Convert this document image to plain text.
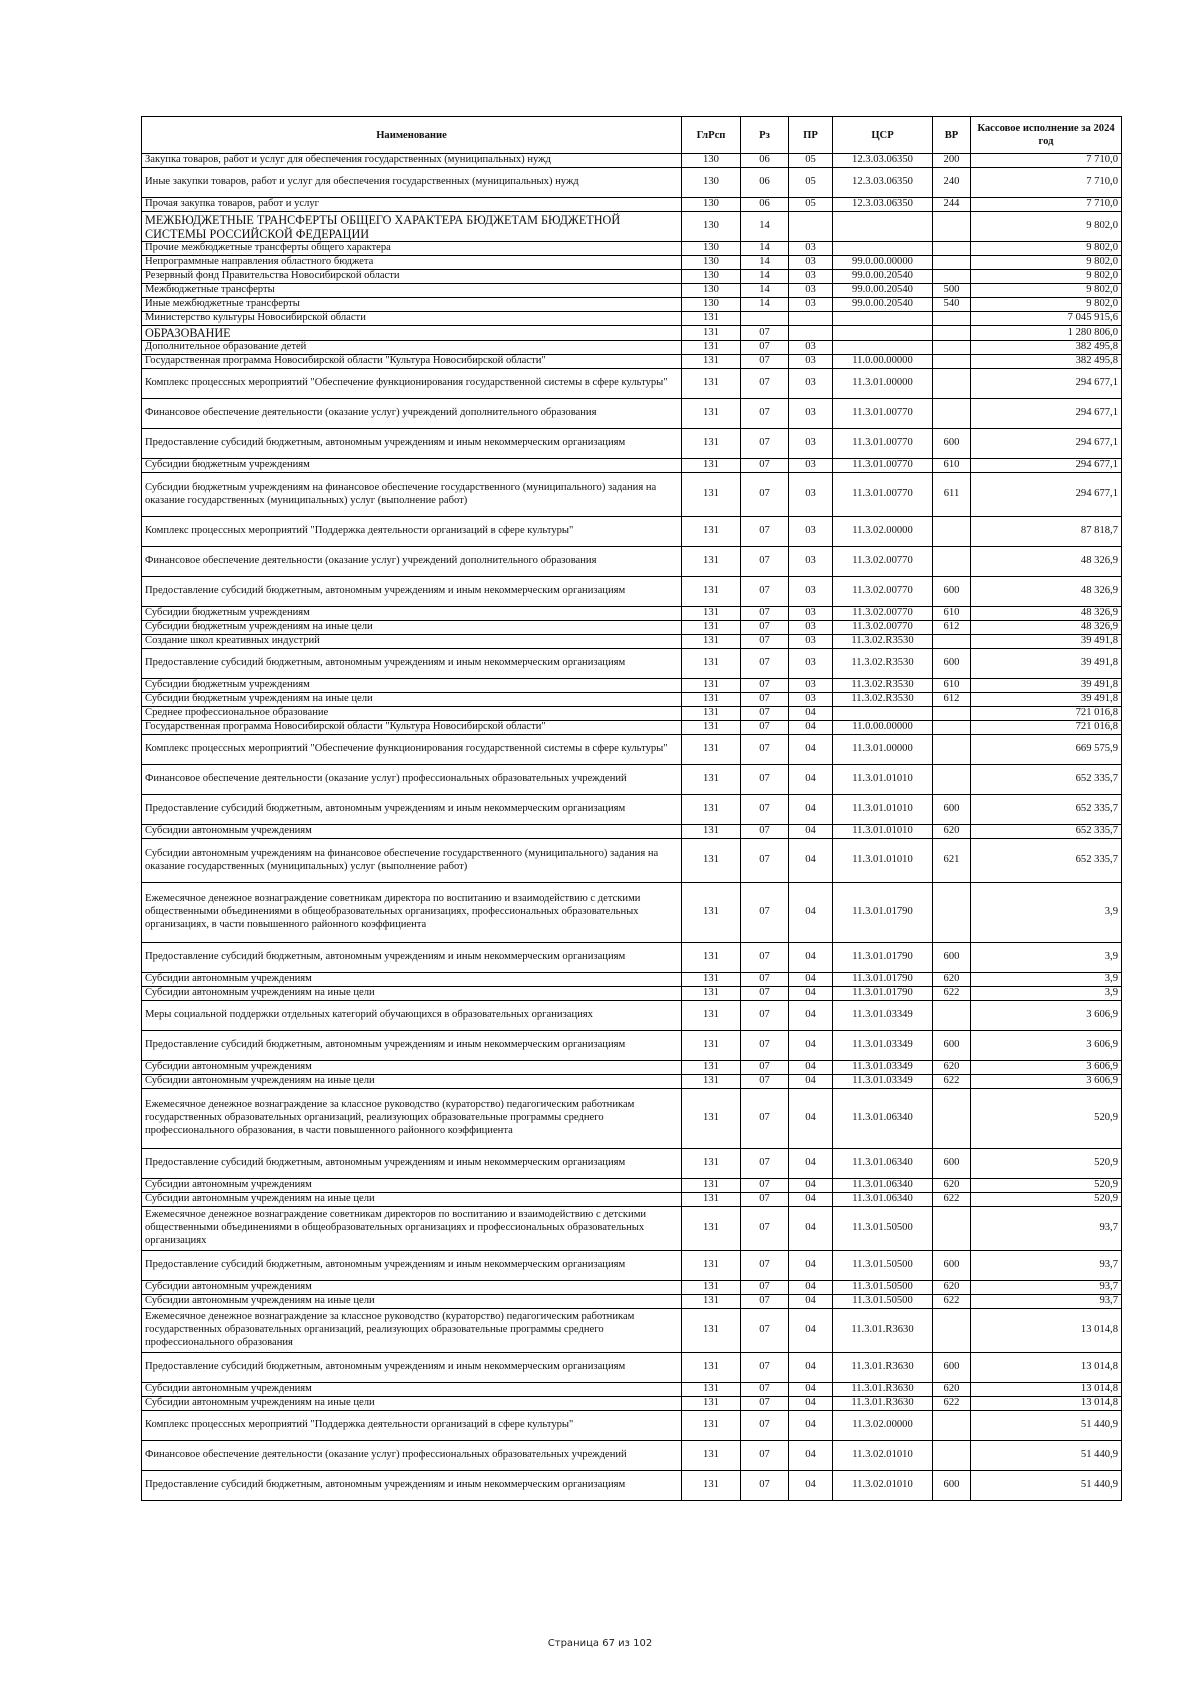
Наименование	ГлРсп	Рз	ПР	ЦСР	ВР	Кассовое исполнение за 2024 год
Закупка товаров, работ и услуг для обеспечения государственных (муниципальных) нужд	130	06	05	12.3.03.06350	200	7 710,0
Иные закупки товаров, работ и услуг для обеспечения государственных (муниципальных) нужд	130	06	05	12.3.03.06350	240	7 710,0
Прочая закупка товаров, работ и услуг	130	06	05	12.3.03.06350	244	7 710,0
МЕЖБЮДЖЕТНЫЕ ТРАНСФЕРТЫ ОБЩЕГО ХАРАКТЕРА БЮДЖЕТАМ БЮДЖЕТНОЙ СИСТЕМЫ РОССИЙСКОЙ ФЕДЕРАЦИИ	130	14				9 802,0
Прочие межбюджетные трансферты общего характера	130	14	03			9 802,0
Непрограммные направления областного бюджета	130	14	03	99.0.00.00000		9 802,0
Резервный фонд Правительства Новосибирской области	130	14	03	99.0.00.20540		9 802,0
Межбюджетные трансферты	130	14	03	99.0.00.20540	500	9 802,0
Иные межбюджетные трансферты	130	14	03	99.0.00.20540	540	9 802,0
Министерство культуры Новосибирской области	131					7 045 915,6
ОБРАЗОВАНИЕ	131	07				1 280 806,0
Дополнительное образование детей	131	07	03			382 495,8
Государственная программа Новосибирской области "Культура Новосибирской области"	131	07	03	11.0.00.00000		382 495,8
Комплекс процессных мероприятий "Обеспечение функционирования государственной системы в сфере культуры"	131	07	03	11.3.01.00000		294 677,1
Финансовое обеспечение деятельности (оказание услуг) учреждений дополнительного образования	131	07	03	11.3.01.00770		294 677,1
Предоставление субсидий бюджетным, автономным учреждениям и иным некоммерческим организациям	131	07	03	11.3.01.00770	600	294 677,1
Субсидии бюджетным учреждениям	131	07	03	11.3.01.00770	610	294 677,1
Субсидии бюджетным учреждениям на финансовое обеспечение государственного (муниципального) задания на оказание государственных (муниципальных) услуг (выполнение работ)	131	07	03	11.3.01.00770	611	294 677,1
Комплекс процессных мероприятий "Поддержка деятельности организаций в сфере культуры"	131	07	03	11.3.02.00000		87 818,7
Финансовое обеспечение деятельности (оказание услуг) учреждений дополнительного образования	131	07	03	11.3.02.00770		48 326,9
Предоставление субсидий бюджетным, автономным учреждениям и иным некоммерческим организациям	131	07	03	11.3.02.00770	600	48 326,9
Субсидии бюджетным учреждениям	131	07	03	11.3.02.00770	610	48 326,9
Субсидии бюджетным учреждениям на иные цели	131	07	03	11.3.02.00770	612	48 326,9
Создание школ креативных индустрий	131	07	03	11.3.02.R3530		39 491,8
Предоставление субсидий бюджетным, автономным учреждениям и иным некоммерческим организациям	131	07	03	11.3.02.R3530	600	39 491,8
Субсидии бюджетным учреждениям	131	07	03	11.3.02.R3530	610	39 491,8
Субсидии бюджетным учреждениям на иные цели	131	07	03	11.3.02.R3530	612	39 491,8
Среднее профессиональное образование	131	07	04			721 016,8
Государственная программа Новосибирской области "Культура Новосибирской области"	131	07	04	11.0.00.00000		721 016,8
Комплекс процессных мероприятий "Обеспечение функционирования государственной системы в сфере культуры"	131	07	04	11.3.01.00000		669 575,9
Финансовое обеспечение деятельности (оказание услуг) профессиональных образовательных учреждений	131	07	04	11.3.01.01010		652 335,7
Предоставление субсидий бюджетным, автономным учреждениям и иным некоммерческим организациям	131	07	04	11.3.01.01010	600	652 335,7
Субсидии автономным учреждениям	131	07	04	11.3.01.01010	620	652 335,7
Субсидии автономным учреждениям на финансовое обеспечение государственного (муниципального) задания на оказание государственных (муниципальных) услуг (выполнение работ)	131	07	04	11.3.01.01010	621	652 335,7
Ежемесячное денежное вознаграждение советникам директора по воспитанию и взаимодействию с детскими общественными объединениями в общеобразовательных организациях, профессиональных образовательных организациях, в части повышенного районного коэффициента	131	07	04	11.3.01.01790		3,9
Предоставление субсидий бюджетным, автономным учреждениям и иным некоммерческим организациям	131	07	04	11.3.01.01790	600	3,9
Субсидии автономным учреждениям	131	07	04	11.3.01.01790	620	3,9
Субсидии автономным учреждениям на иные цели	131	07	04	11.3.01.01790	622	3,9
Меры социальной поддержки отдельных категорий обучающихся в образовательных организациях	131	07	04	11.3.01.03349		3 606,9
Предоставление субсидий бюджетным, автономным учреждениям и иным некоммерческим организациям	131	07	04	11.3.01.03349	600	3 606,9
Субсидии автономным учреждениям	131	07	04	11.3.01.03349	620	3 606,9
Субсидии автономным учреждениям на иные цели	131	07	04	11.3.01.03349	622	3 606,9
Ежемесячное денежное вознаграждение за классное руководство (кураторство) педагогическим работникам государственных образовательных организаций, реализующих образовательные программы среднего профессионального образования, в части повышенного районного коэффициента	131	07	04	11.3.01.06340		520,9
Предоставление субсидий бюджетным, автономным учреждениям и иным некоммерческим организациям	131	07	04	11.3.01.06340	600	520,9
Субсидии автономным учреждениям	131	07	04	11.3.01.06340	620	520,9
Субсидии автономным учреждениям на иные цели	131	07	04	11.3.01.06340	622	520,9
Ежемесячное денежное вознаграждение советникам директоров по воспитанию и взаимодействию с детскими общественными объединениями в общеобразовательных организациях и профессиональных образовательных организациях	131	07	04	11.3.01.50500		93,7
Предоставление субсидий бюджетным, автономным учреждениям и иным некоммерческим организациям	131	07	04	11.3.01.50500	600	93,7
Субсидии автономным учреждениям	131	07	04	11.3.01.50500	620	93,7
Субсидии автономным учреждениям на иные цели	131	07	04	11.3.01.50500	622	93,7
Ежемесячное денежное вознаграждение за классное руководство (кураторство) педагогическим работникам государственных образовательных организаций, реализующих образовательные программы среднего профессионального образования	131	07	04	11.3.01.R3630		13 014,8
Предоставление субсидий бюджетным, автономным учреждениям и иным некоммерческим организациям	131	07	04	11.3.01.R3630	600	13 014,8
Субсидии автономным учреждениям	131	07	04	11.3.01.R3630	620	13 014,8
Субсидии автономным учреждениям на иные цели	131	07	04	11.3.01.R3630	622	13 014,8
Комплекс процессных мероприятий "Поддержка деятельности организаций в сфере культуры"	131	07	04	11.3.02.00000		51 440,9
Финансовое обеспечение деятельности (оказание услуг) профессиональных образовательных учреждений	131	07	04	11.3.02.01010		51 440,9
Предоставление субсидий бюджетным, автономным учреждениям и иным некоммерческим организациям	131	07	04	11.3.02.01010	600	51 440,9
Страница 67 из 102
